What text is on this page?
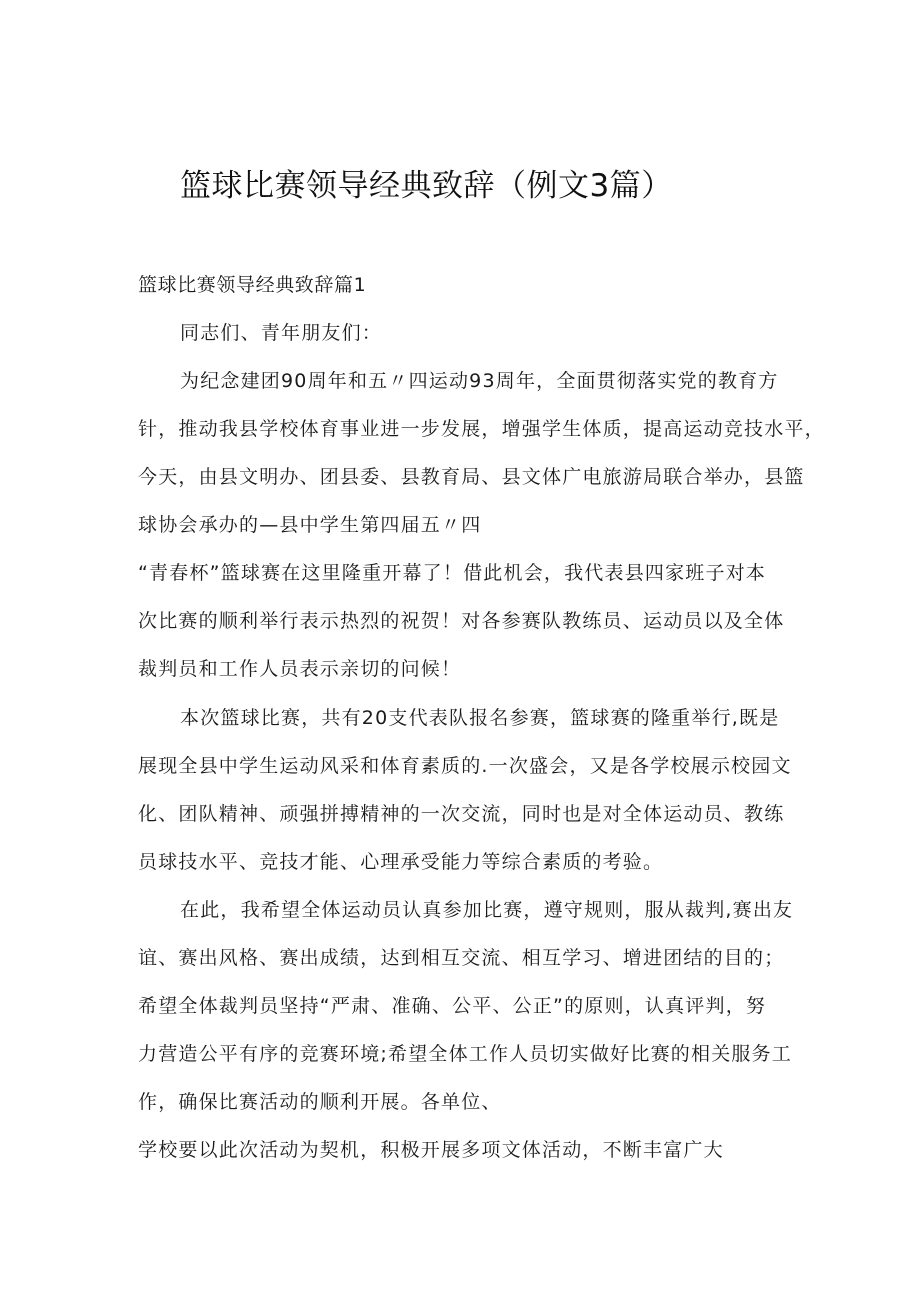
篮球比赛领导经典致辞（例文3篇）

篮球比赛领导经典致辞篇1

同志们、青年朋友们：

为纪念建团90周年和五〃四运动93周年，全面贯彻落实党的教育方

针，推动我县学校体育事业进一步发展，增强学生体质，提高运动竞技水平，

今天，由县文明办、团县委、县教育局、县文体广电旅游局联合举办，县篮

球协会承办的—县中学生第四届五〃四

“青春杯”篮球赛在这里隆重开幕了！借此机会，我代表县四家班子对本

次比赛的顺利举行表示热烈的祝贺！对各参赛队教练员、运动员以及全体

裁判员和工作人员表示亲切的问候！

本次篮球比赛，共有20支代表队报名参赛，篮球赛的隆重举行,既是

展现全县中学生运动风采和体育素质的.一次盛会，又是各学校展示校园文

化、团队精神、顽强拼搏精神的一次交流，同时也是对全体运动员、教练

员球技水平、竞技才能、心理承受能力等综合素质的考验。

在此，我希望全体运动员认真参加比赛，遵守规则，服从裁判,赛出友

谊、赛出风格、赛出成绩，达到相互交流、相互学习、增进团结的目的；

希望全体裁判员坚持“严肃、准确、公平、公正”的原则，认真评判，努

力营造公平有序的竞赛环境;希望全体工作人员切实做好比赛的相关服务工

作，确保比赛活动的顺利开展。各单位、

学校要以此次活动为契机，积极开展多项文体活动，不断丰富广大
